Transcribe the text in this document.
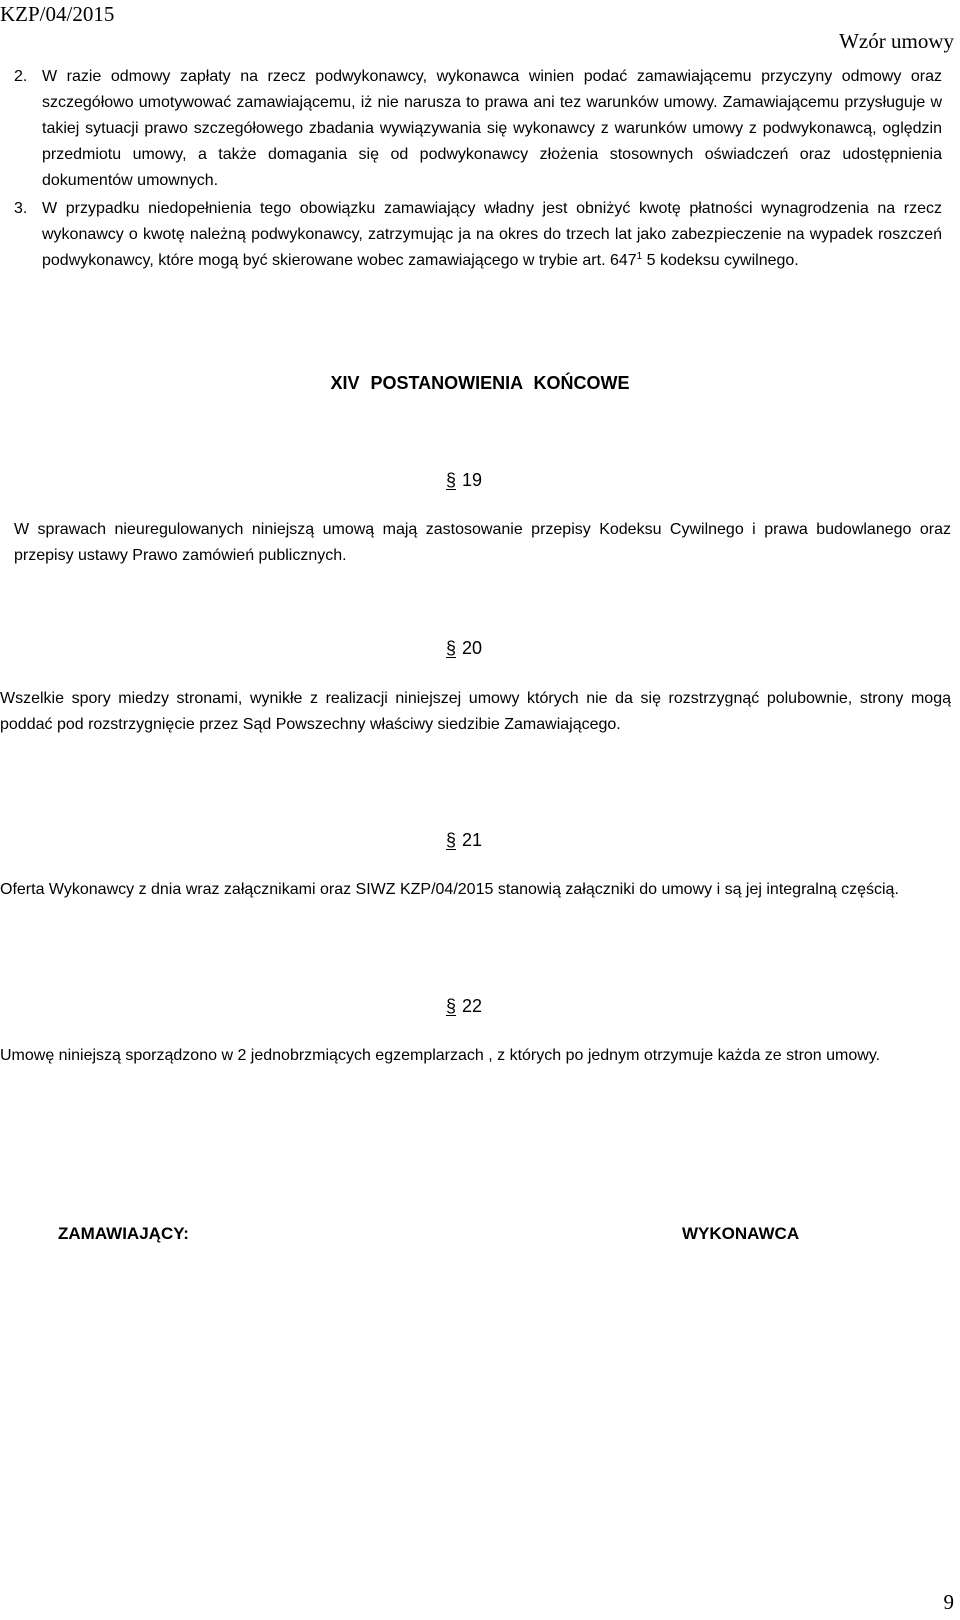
KZP/04/2015
Wzór umowy
2. W razie odmowy zapłaty na rzecz podwykonawcy, wykonawca winien podać zamawiającemu przyczyny odmowy oraz szczegółowo umotywować zamawiającemu, iż nie narusza to prawa ani tez warunków umowy. Zamawiającemu przysługuje w takiej sytuacji prawo szczegółowego zbadania wywiązywania się wykonawcy z warunków umowy z podwykonawcą, oględzin przedmiotu umowy, a także domagania się od podwykonawcy złożenia stosownych oświadczeń oraz udostępnienia dokumentów umownych.
3. W przypadku niedopełnienia tego obowiązku zamawiający władny jest obniżyć kwotę płatności wynagrodzenia na rzecz wykonawcy o kwotę należną podwykonawcy, zatrzymując ja na okres do trzech lat jako zabezpieczenie na wypadek roszczeń podwykonawcy, które mogą być skierowane wobec zamawiającego w trybie art. $647^1$ 5 kodeksu cywilnego.
XIV POSTANOWIENIA KOŃCOWE
§ 19
W sprawach nieuregulowanych niniejszą umową mają zastosowanie przepisy Kodeksu Cywilnego i prawa budowlanego oraz przepisy ustawy Prawo zamówień publicznych.
§ 20
Wszelkie spory miedzy stronami, wynikłe z realizacji niniejszej umowy których nie da się rozstrzygnąć polubownie, strony mogą poddać pod rozstrzygnięcie przez Sąd Powszechny właściwy siedzibie Zamawiającego.
§ 21
Oferta Wykonawcy z dnia wraz załącznikami oraz SIWZ KZP/04/2015 stanowią załączniki do umowy i są jej integralną częścią.
§ 22
Umowę niniejszą sporządzono w 2 jednobrzmiących egzemplarzach , z których po jednym otrzymuje każda ze stron umowy.
ZAMAWIAJĄCY:	WYKONAWCA
9
